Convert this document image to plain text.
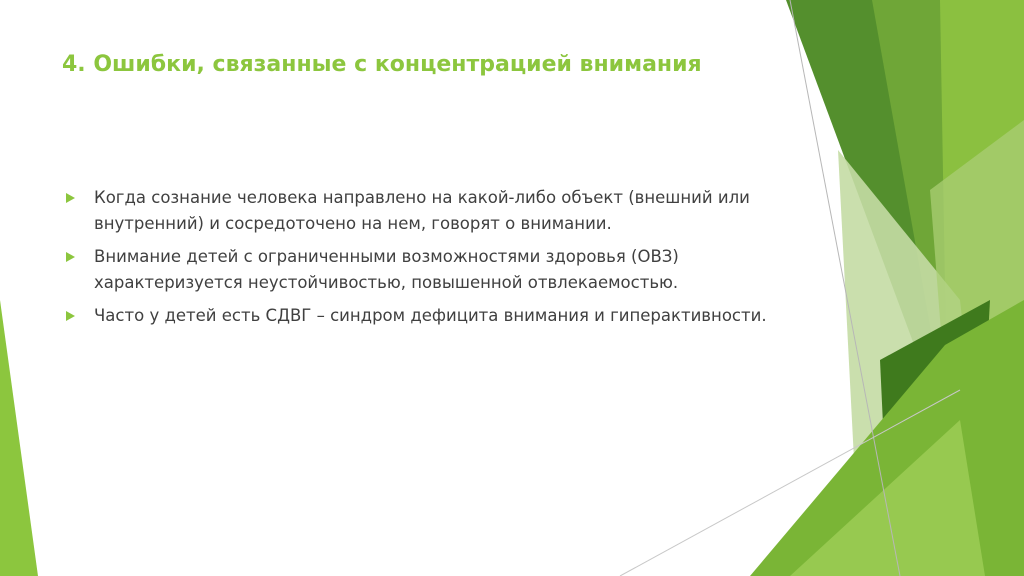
4. Ошибки, связанные с концентрацией внимания
Когда сознание человека направлено на какой-либо объект (внешний или внутренний) и сосредоточено на нем, говорят о внимании.
Внимание детей с ограниченными возможностями здоровья (ОВЗ) характеризуется неустойчивостью, повышенной отвлекаемостью.
Часто у детей есть СДВГ – синдром дефицита внимания и гиперактивности.
